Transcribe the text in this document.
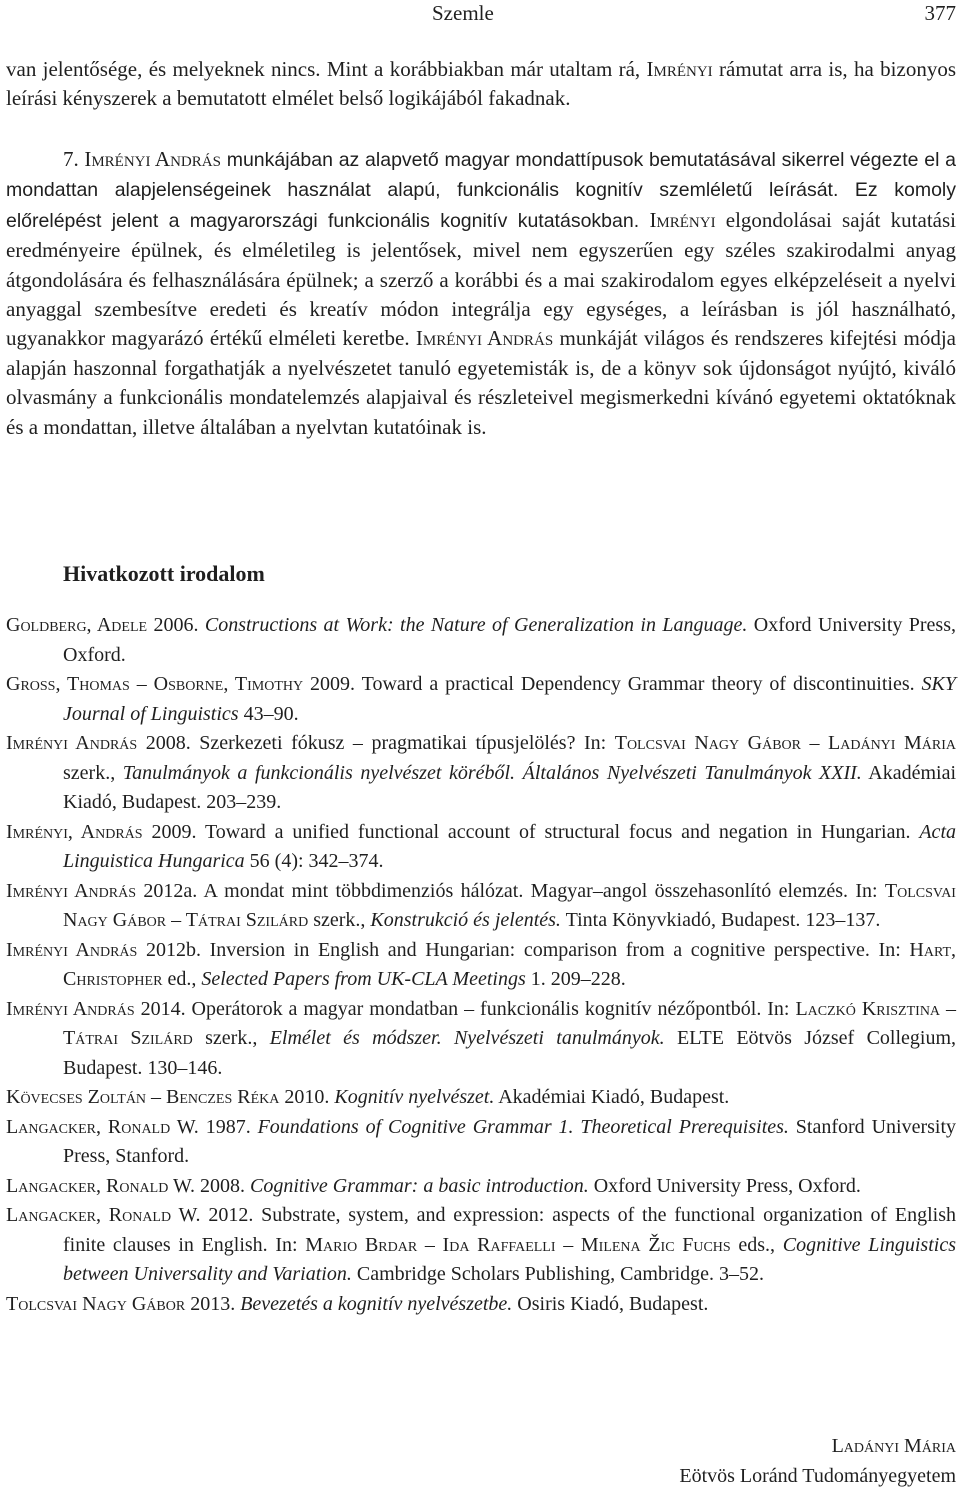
Szemle	377

van jelentősége, és melyeknek nincs. Mint a korábbiakban már utaltam rá, Imrényi rámutat arra is, ha bizonyos leírási kényszerek a bemutatott elmélet belső logikájából fakadnak.

7. Imrényi András munkájában az alapvető magyar mondattípusok bemutatásával sikerrel végezte el a mondattan alapjelenségeinek használat alapú, funkcionális kognitív szemléletű leírását. Ez komoly előrelépést jelent a magyarországi funkcionális kognitív kutatásokban. Imrényi elgondolásai saját kutatási eredményeire épülnek, és elméletileg is jelentősek, mivel nem egyszerűen egy széles szakirodalmi anyag átgondolására és felhasználására épülnek; a szerző a korábbi és a mai szakirodalom egyes elképzeléseit a nyelvi anyaggal szembesítve eredeti és kreatív módon integrálja egy egységes, a leírásban is jól használható, ugyanakkor magyarázó értékű elméleti keretbe. Imrényi András munkáját világos és rendszeres kifejtési módja alapján haszonnal forgathatják a nyelvészetet tanuló egyetemisták is, de a könyv sok újdonságot nyújtó, kiváló olvasmány a funkcionális mondatelemzés alapjaival és részleteivel megismerkedni kívánó egyetemi oktatóknak és a mondattan, illetve általában a nyelvtan kutatóinak is.

Hivatkozott irodalom

Goldberg, Adele 2006. Constructions at Work: the Nature of Generalization in Language. Oxford University Press, Oxford.

Gross, Thomas – Osborne, Timothy 2009. Toward a practical Dependency Grammar theory of discontinuities. SKY Journal of Linguistics 43–90.

Imrényi András 2008. Szerkezeti fókusz – pragmatikai típusjelölés? In: Tolcsvai Nagy Gábor – Ladányi Mária szerk., Tanulmányok a funkcionális nyelvészet köréből. Általános Nyelvészeti Tanulmányok XXII. Akadémiai Kiadó, Budapest. 203–239.

Imrényi, András 2009. Toward a unified functional account of structural focus and negation in Hungarian. Acta Linguistica Hungarica 56 (4): 342–374.

Imrényi András 2012a. A mondat mint többdimenziós hálózat. Magyar–angol összehasonlító elemzés. In: Tolcsvai Nagy Gábor – Tátrai Szilárd szerk., Konstrukció és jelentés. Tinta Könyvkiadó, Budapest. 123–137.

Imrényi András 2012b. Inversion in English and Hungarian: comparison from a cognitive perspective. In: Hart, Christopher ed., Selected Papers from UK-CLA Meetings 1. 209–228.

Imrényi András 2014. Operátorok a magyar mondatban – funkcionális kognitív nézőpontból. In: Laczkó Krisztina – Tátrai Szilárd szerk., Elmélet és módszer. Nyelvészeti tanulmányok. ELTE Eötvös József Collegium, Budapest. 130–146.

Kövecses Zoltán – Benczes Réka 2010. Kognitív nyelvészet. Akadémiai Kiadó, Budapest.

Langacker, Ronald W. 1987. Foundations of Cognitive Grammar 1. Theoretical Prerequisites. Stanford University Press, Stanford.

Langacker, Ronald W. 2008. Cognitive Grammar: a basic introduction. Oxford University Press, Oxford.

Langacker, Ronald W. 2012. Substrate, system, and expression: aspects of the functional organization of English finite clauses in English. In: Mario Brdar – Ida Raffaelli – Milena Žic Fuchs eds., Cognitive Linguistics between Universality and Variation. Cambridge Scholars Publishing, Cambridge. 3–52.

Tolcsvai Nagy Gábor 2013. Bevezetés a kognitív nyelvészetbe. Osiris Kiadó, Budapest.

Ladányi Mária
Eötvös Loránd Tudományegyetem
